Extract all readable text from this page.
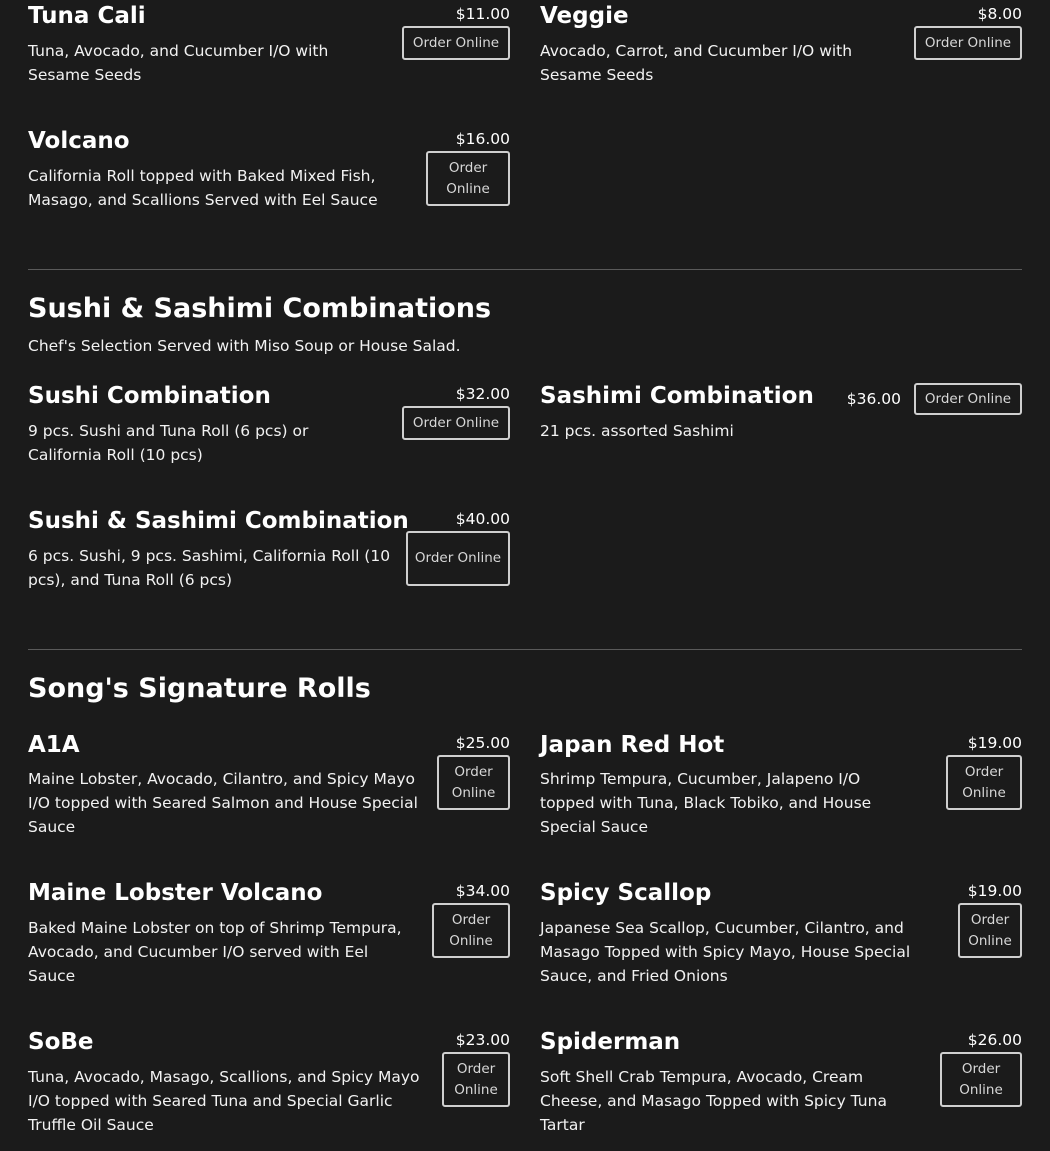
Tuna Cali	$11.00
Order Online
Tuna, Avocado, and Cucumber I/O with Sesame Seeds
Veggie	$8.00
Order Online
Avocado, Carrot, and Cucumber I/O with Sesame Seeds
Volcano	$16.00
Order Online
California Roll topped with Baked Mixed Fish, Masago, and Scallions Served with Eel Sauce
Sushi & Sashimi Combinations
Chef's Selection Served with Miso Soup or House Salad.
Sushi Combination	$32.00
Order Online
9 pcs. Sushi and Tuna Roll (6 pcs) or California Roll (10 pcs)
Sashimi Combination $36.00	Order Online
21 pcs. assorted Sashimi
Sushi & Sashimi Combination	$40.00
Order Online
6 pcs. Sushi, 9 pcs. Sashimi, California Roll (10 pcs), and Tuna Roll (6 pcs)
Song's Signature Rolls
A1A	$25.00
Order Online
Maine Lobster, Avocado, Cilantro, and Spicy Mayo I/O topped with Seared Salmon and House Special Sauce
Japan Red Hot	$19.00
Order Online
Shrimp Tempura, Cucumber, Jalapeno I/O topped with Tuna, Black Tobiko, and House Special Sauce
Maine Lobster Volcano	$34.00
Order Online
Baked Maine Lobster on top of Shrimp Tempura, Avocado, and Cucumber I/O served with Eel Sauce
Spicy Scallop	$19.00
Order Online
Japanese Sea Scallop, Cucumber, Cilantro, and Masago Topped with Spicy Mayo, House Special Sauce, and Fried Onions
SoBe	$23.00
Order Online
Tuna, Avocado, Masago, Scallions, and Spicy Mayo I/O topped with Seared Tuna and Special Garlic Truffle Oil Sauce
Spiderman	$26.00
Order Online
Soft Shell Crab Tempura, Avocado, Cream Cheese, and Masago Topped with Spicy Tuna Tartar
